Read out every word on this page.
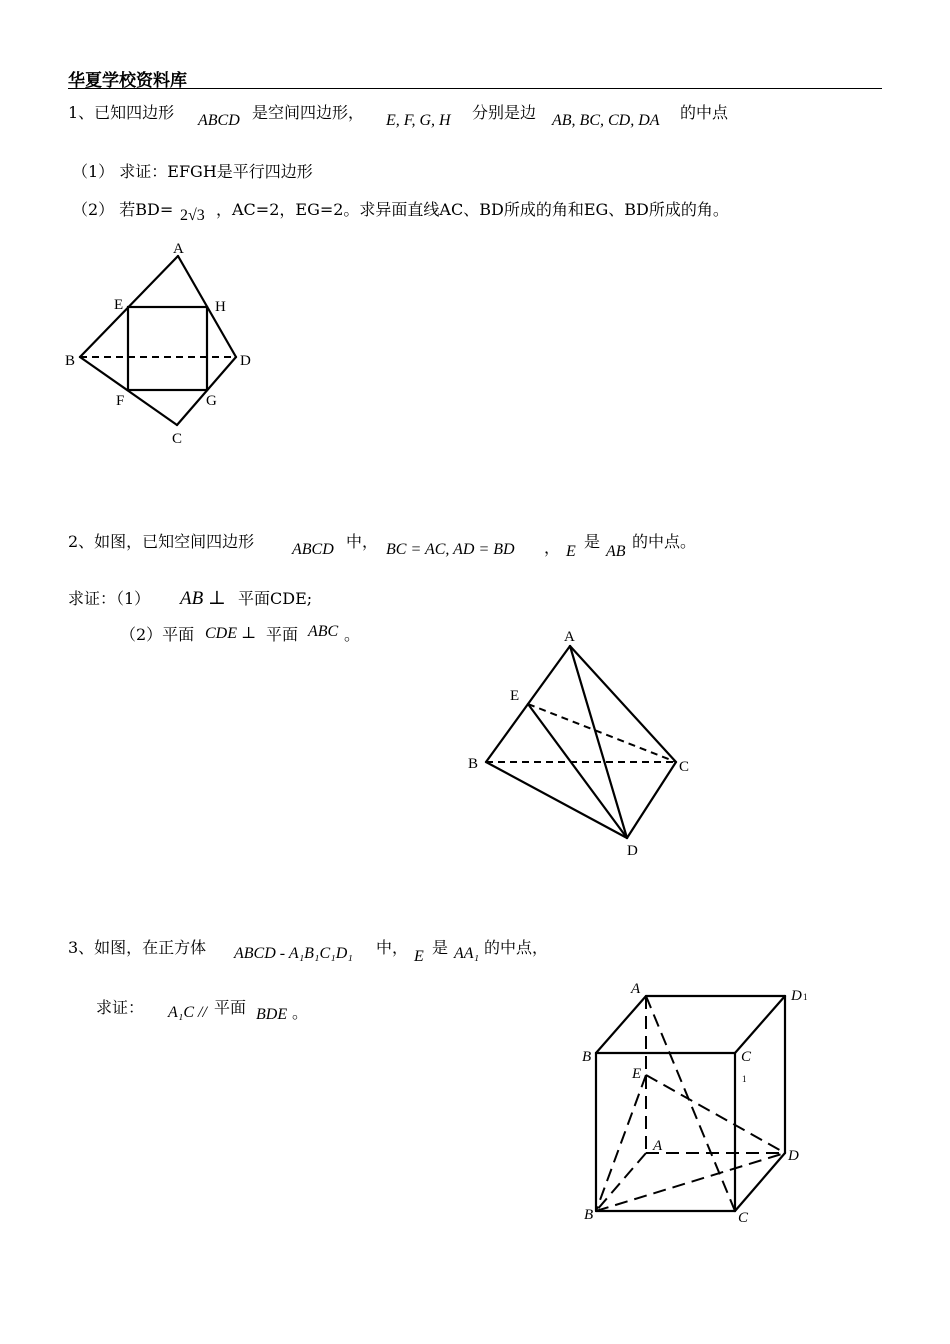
华夏学校资料库
1、已知四边形 ABCD 是空间四边形， E, F, G, H 分别是边 AB, BC, CD, DA 的中点
（1） 求证：EFGH是平行四边形
（2） 若BD= 2√3 ，AC=2，EG=2。求异面直线AC、BD所成的角和EG、BD所成的角。
A
E	H
B	D
F	G
C
2、如图，已知空间四边形 ABCD 中， BC = AC, AD = BD ， E
是
AB
的中点。
求证：（1） AB ⊥ 平面CDE;
（2）平面 CDE ⊥ 平面 ABC 。	A
E
B	C
D
3、如图，在正方体 ABCD - A₁B₁C₁D₁ 中， E 是 AA₁ 的中点，
求证： A₁C // 平面 BDE 。
A	D 1
B	C
1
E
A
D
B	C
